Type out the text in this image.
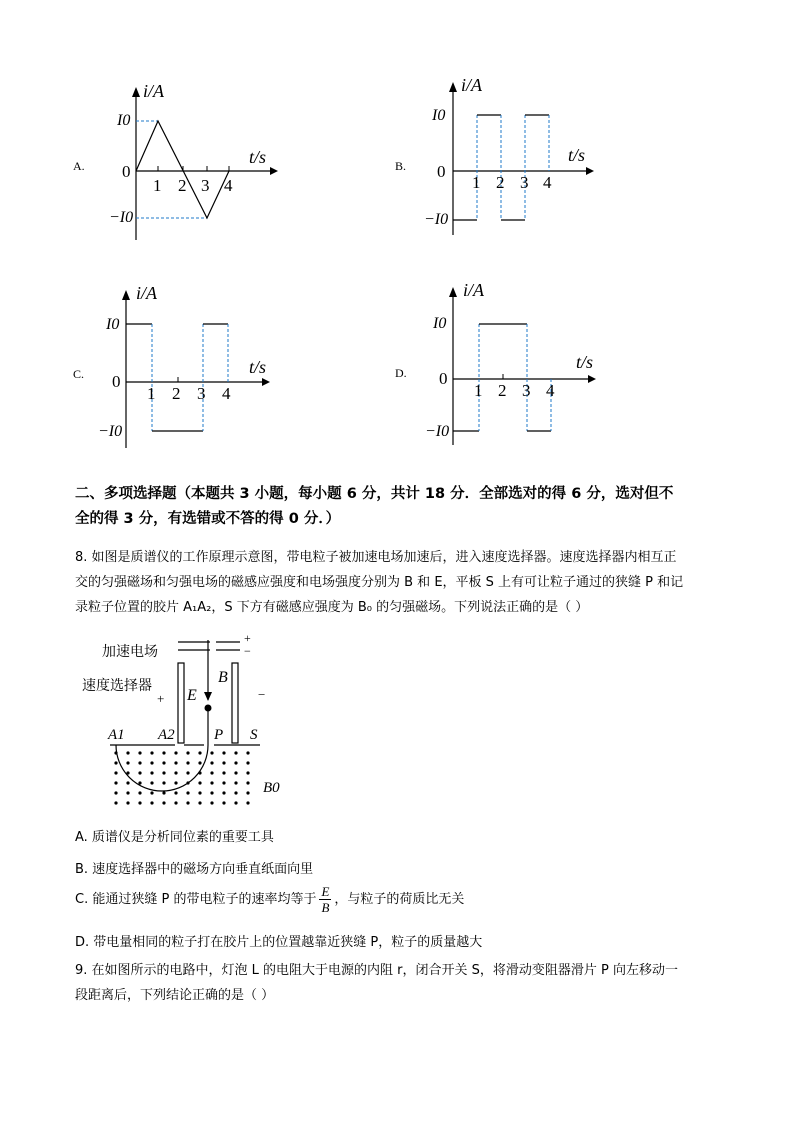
A.
i/A
t/s
I0
−I0
0
1 2 3 4
B.
i/A
t/s
I0
−I0
0
1 2 3 4
C.
i/A
t/s
I0
−I0
0
1 2 3 4
D.
i/A
t/s
I0
−I0
0
1 2 3 4
二、多项选择题（本题共 3 小题，每小题 6 分，共计 18 分．全部选对的得 6 分，选对但不
全的得 3 分，有选错或不答的得 0 分．）
8. 如图是质谱仪的工作原理示意图，带电粒子被加速电场加速后，进入速度选择器。速度选择器内相互正
交的匀强磁场和匀强电场的磁感应强度和电场强度分别为 B 和 E，平板 S 上有可让粒子通过的狭缝 P 和记
录粒子位置的胶片 A₁A₂，S 下方有磁感应强度为 B₀ 的匀强磁场。下列说法正确的是（ ）
加速电场
速度选择器
+
−
+	−
E
B
A1 A2	P S
B0
A. 质谱仪是分析同位素的重要工具
B. 速度选择器中的磁场方向垂直纸面向里
C. 能通过狭缝 P 的带电粒子的速率均等于 $\frac{E}{B}$ ，与粒子的荷质比无关
D. 带电量相同的粒子打在胶片上的位置越靠近狭缝 P，粒子的质量越大
9. 在如图所示的电路中，灯泡 L 的电阻大于电源的内阻 r，闭合开关 S，将滑动变阻器滑片 P 向左移动一
段距离后，下列结论正确的是（ ）
